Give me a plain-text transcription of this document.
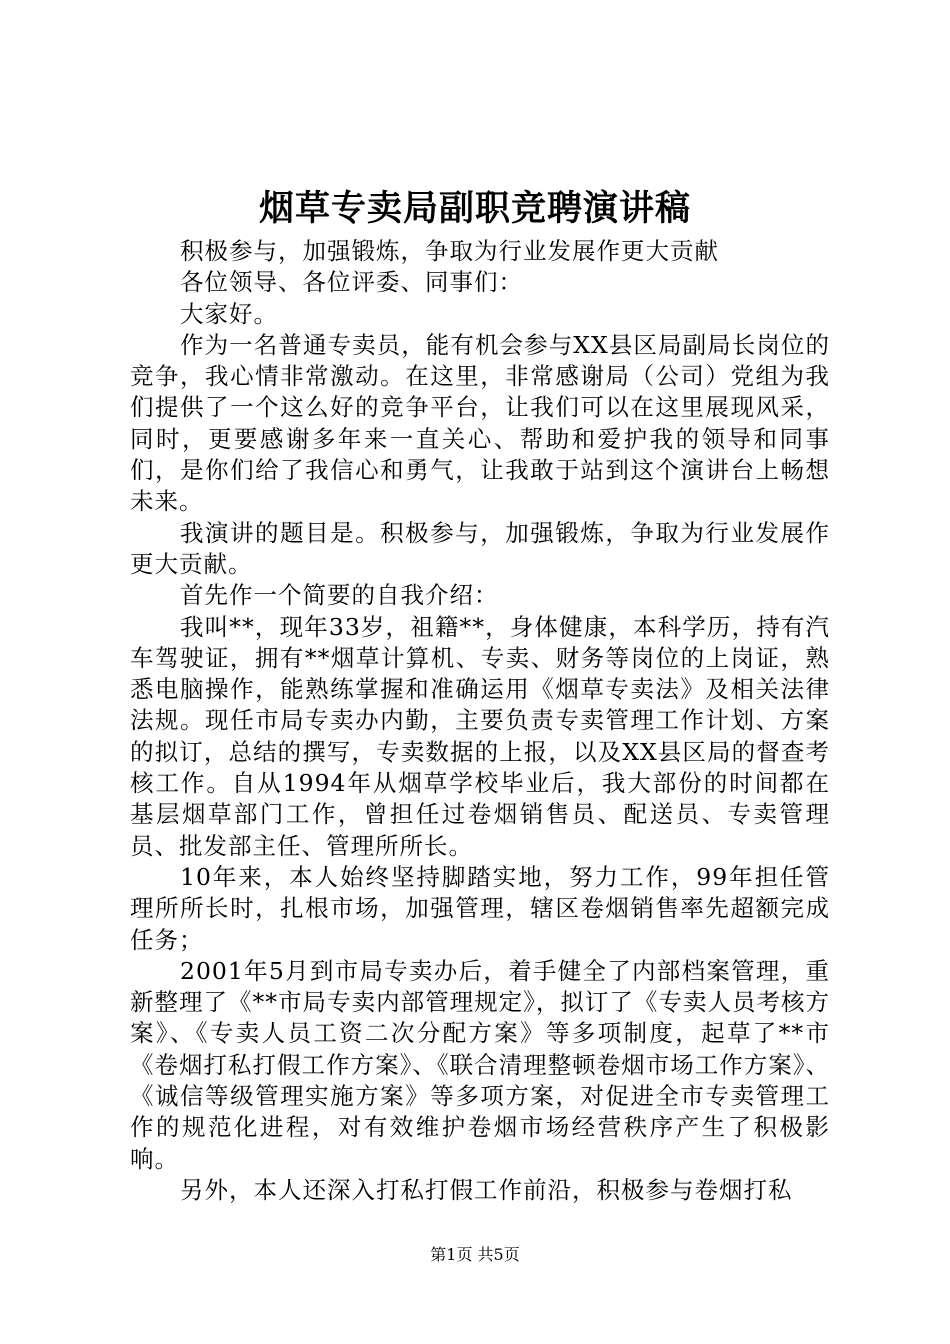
烟草专卖局副职竞聘演讲稿

积极参与，加强锻炼，争取为行业发展作更大贡献

各位领导、各位评委、同事们：

大家好。

作为一名普通专卖员，能有机会参与XX县区局副局长岗位的竞争，我心情非常激动。在这里，非常感谢局（公司）党组为我们提供了一个这么好的竞争平台，让我们可以在这里展现风采，同时，更要感谢多年来一直关心、帮助和爱护我的领导和同事们，是你们给了我信心和勇气，让我敢于站到这个演讲台上畅想未来。

我演讲的题目是。积极参与，加强锻炼，争取为行业发展作更大贡献。

首先作一个简要的自我介绍：

我叫**，现年33岁，祖籍**，身体健康，本科学历，持有汽车驾驶证，拥有**烟草计算机、专卖、财务等岗位的上岗证，熟悉电脑操作，能熟练掌握和准确运用《烟草专卖法》及相关法律法规。现任市局专卖办内勤，主要负责专卖管理工作计划、方案的拟订，总结的撰写，专卖数据的上报，以及XX县区局的督查考核工作。自从1994年从烟草学校毕业后，我大部份的时间都在基层烟草部门工作，曾担任过卷烟销售员、配送员、专卖管理员、批发部主任、管理所所长。

10年来，本人始终坚持脚踏实地，努力工作，99年担任管理所所长时，扎根市场，加强管理，辖区卷烟销售率先超额完成任务；

2001年5月到市局专卖办后，着手健全了内部档案管理，重新整理了《**市局专卖内部管理规定》，拟订了《专卖人员考核方案》、《专卖人员工资二次分配方案》等多项制度，起草了**市《卷烟打私打假工作方案》、《联合清理整顿卷烟市场工作方案》、《诚信等级管理实施方案》等多项方案，对促进全市专卖管理工作的规范化进程，对有效维护卷烟市场经营秩序产生了积极影响。

另外，本人还深入打私打假工作前沿，积极参与卷烟打私

第1页 共5页
